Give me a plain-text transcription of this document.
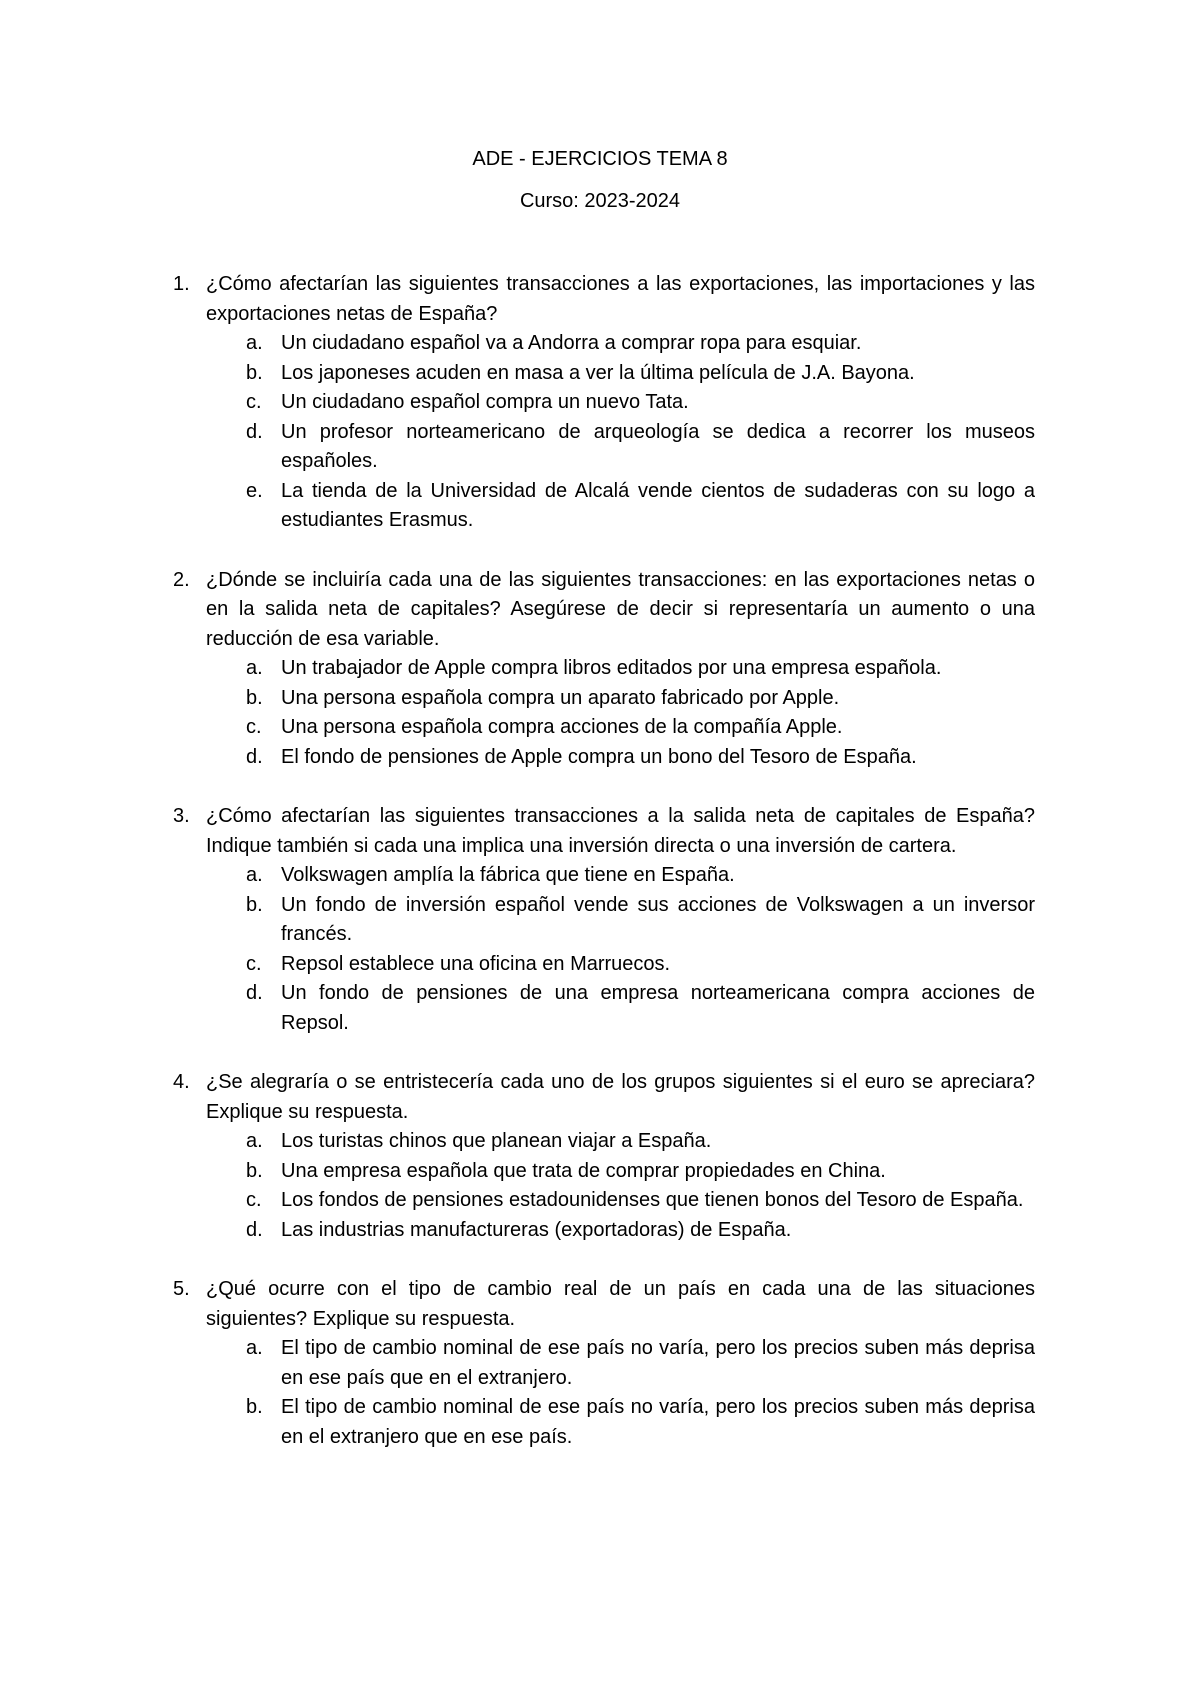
ADE - EJERCICIOS TEMA 8
Curso: 2023-2024
1. ¿Cómo afectarían las siguientes transacciones a las exportaciones, las importaciones y las exportaciones netas de España?

a. Un ciudadano español va a Andorra a comprar ropa para esquiar.
b. Los japoneses acuden en masa a ver la última película de J.A. Bayona.
c. Un ciudadano español compra un nuevo Tata.
d. Un profesor norteamericano de arqueología se dedica a recorrer los museos españoles.
e. La tienda de la Universidad de Alcalá vende cientos de sudaderas con su logo a estudiantes Erasmus.
2. ¿Dónde se incluiría cada una de las siguientes transacciones: en las exportaciones netas o en la salida neta de capitales? Asegúrese de decir si representaría un aumento o una reducción de esa variable.

a. Un trabajador de Apple compra libros editados por una empresa española.
b. Una persona española compra un aparato fabricado por Apple.
c. Una persona española compra acciones de la compañía Apple.
d. El fondo de pensiones de Apple compra un bono del Tesoro de España.
3. ¿Cómo afectarían las siguientes transacciones a la salida neta de capitales de España? Indique también si cada una implica una inversión directa o una inversión de cartera.

a. Volkswagen amplía la fábrica que tiene en España.
b. Un fondo de inversión español vende sus acciones de Volkswagen a un inversor francés.
c. Repsol establece una oficina en Marruecos.
d. Un fondo de pensiones de una empresa norteamericana compra acciones de Repsol.
4. ¿Se alegraría o se entristecería cada uno de los grupos siguientes si el euro se apreciara? Explique su respuesta.

a. Los turistas chinos que planean viajar a España.
b. Una empresa española que trata de comprar propiedades en China.
c. Los fondos de pensiones estadounidenses que tienen bonos del Tesoro de España.
d. Las industrias manufactureras (exportadoras) de España.
5. ¿Qué ocurre con el tipo de cambio real de un país en cada una de las situaciones siguientes? Explique su respuesta.

a. El tipo de cambio nominal de ese país no varía, pero los precios suben más deprisa en ese país que en el extranjero.
b. El tipo de cambio nominal de ese país no varía, pero los precios suben más deprisa en el extranjero que en ese país.
